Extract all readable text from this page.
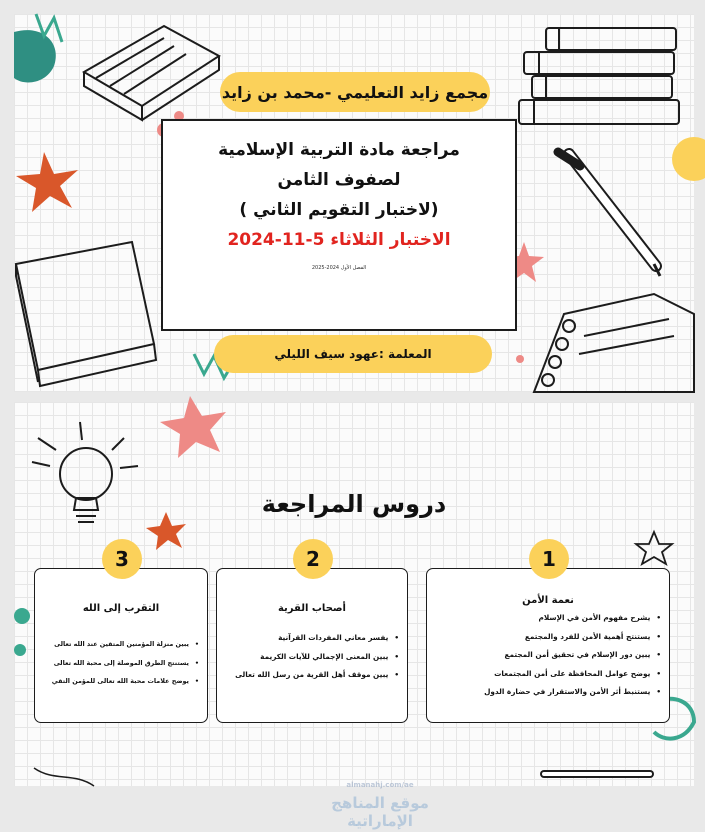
مجمع زايد التعليمي -محمد بن زايد
مراجعة مادة التربية الإسلامية
لصفوف الثامن
(لاختبار التقويم الثاني )
الاختبار الثلاثاء 5-11-2024
الفصل الأول 2024-2025
المعلمة :عهود سيف الليلي
almanahj.com/ae
موقع المناهج الإماراتية
دروس المراجعة
1
نعمة الأمن
• يشرح مفهوم الأمن في الإسلام
• يستنتج أهمية الأمن للفرد والمجتمع
• يبين دور الإسلام في تحقيق أمن المجتمع
• يوضح عوامل المحافظة على أمن المجتمعات
• يستنبط أثر الأمن والاستقرار في حضارة الدول
2
أصحاب القرية
• يفسر معاني المفردات القرآنية
• يبين المعنى الإجمالي للآيات الكريمة
• يبين موقف أهل القرية من رسل الله تعالى
3
التقرب إلى الله
• يبين منزلة المؤمنين المتقين عند الله تعالى
• يستنتج الطرق الموصلة إلى محبة الله تعالى
• يوضح علامات محبة الله تعالى للمؤمن التقي
